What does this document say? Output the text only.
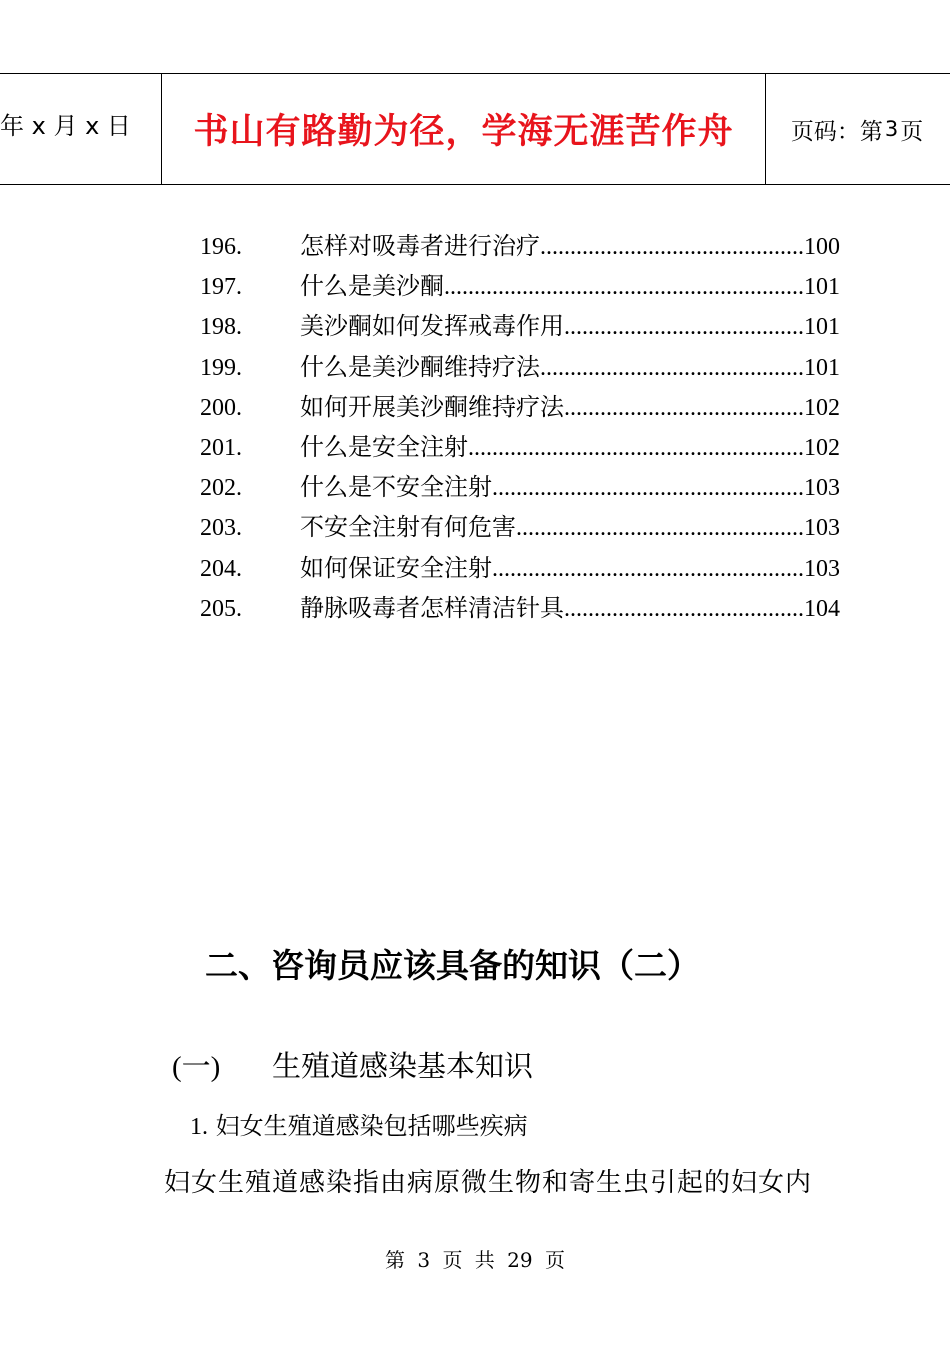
年 x 月 x 日	书山有路勤为径，学海无涯苦作舟 页码：第 3 页
196.	怎样对吸毒者进行治疗 .....	100
197.	什么是美沙酮 .....	101
198.	美沙酮如何发挥戒毒作用 .....	101
199.	什么是美沙酮维持疗法 .....	101
200.	如何开展美沙酮维持疗法 .....	102
201.	什么是安全注射 .....	102
202.	什么是不安全注射 .....	103
203.	不安全注射有何危害 .....	103
204.	如何保证安全注射 .....	103
205.	静脉吸毒者怎样清洁针具 .....	104
二、咨询员应该具备的知识（二）
(一)	生殖道感染基本知识
1. 妇女生殖道感染包括哪些疾病
妇女生殖道感染指由病原微生物和寄生虫引起的妇女内
第 3 页 共 29 页
